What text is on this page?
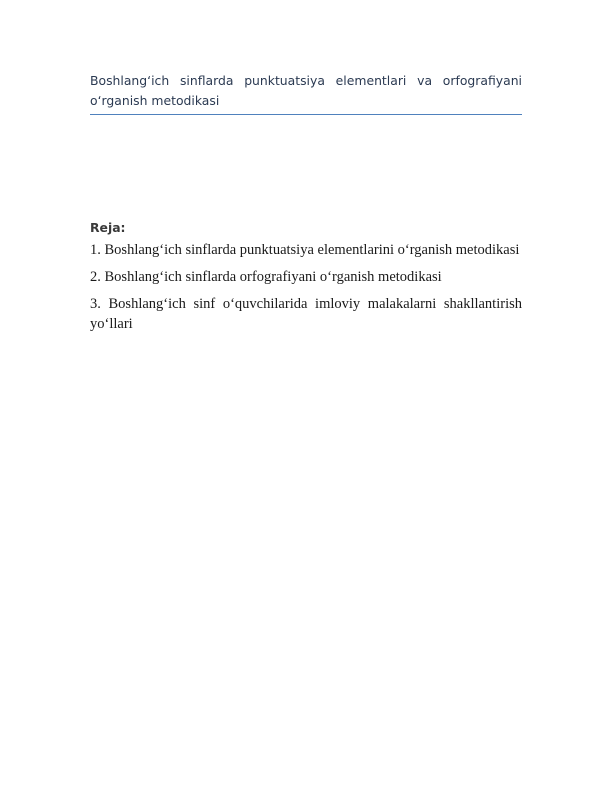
Boshlang‘ich sinflarda punktuatsiya elementlari va orfografiyani o‘rganish metodikasi
Reja:
1. Boshlang‘ich sinflarda punktuatsiya elementlarini o‘rganish metodikasi
2. Boshlang‘ich sinflarda orfografiyani o‘rganish metodikasi
3. Boshlang‘ich sinf o‘quvchilarida imloviy malakalarni shakllantirish yo‘llari
